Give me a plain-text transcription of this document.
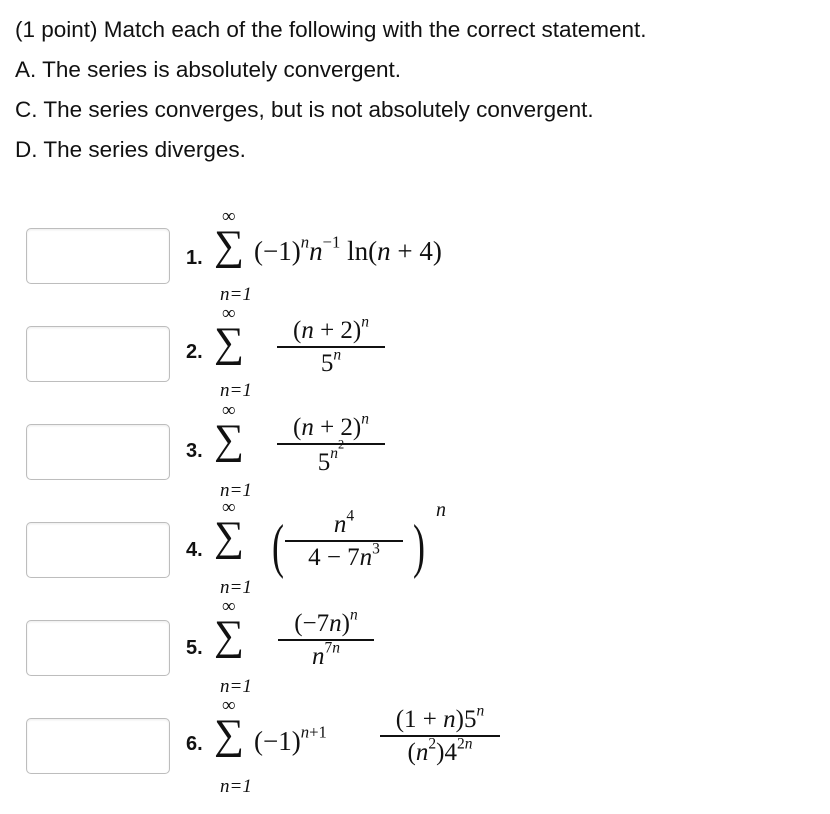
(1 point) Match each of the following with the correct statement.
A. The series is absolutely convergent.
C. The series converges, but is not absolutely convergent.
D. The series diverges.
1.
∞
∑
n=1
$(-1)^nn^{-1}$ ln(n + 4)
2.
∞
∑
n=1
$(n + 2)^n$
5$^n$
3.
∞
∑
n=1
$(n + 2)^n$
$5^{n^2}$
4.
∞
∑
n=1
(	$n^4$
$4 - 7n^3$ )
n
5.
∞
∑
n=1
$(-7n)^n$
$n^{7n}$
6.
∞
∑
n=1
$(-1)^{n+1}$	$(1 + n)5^n$
$(n^2)4^{2n}$
